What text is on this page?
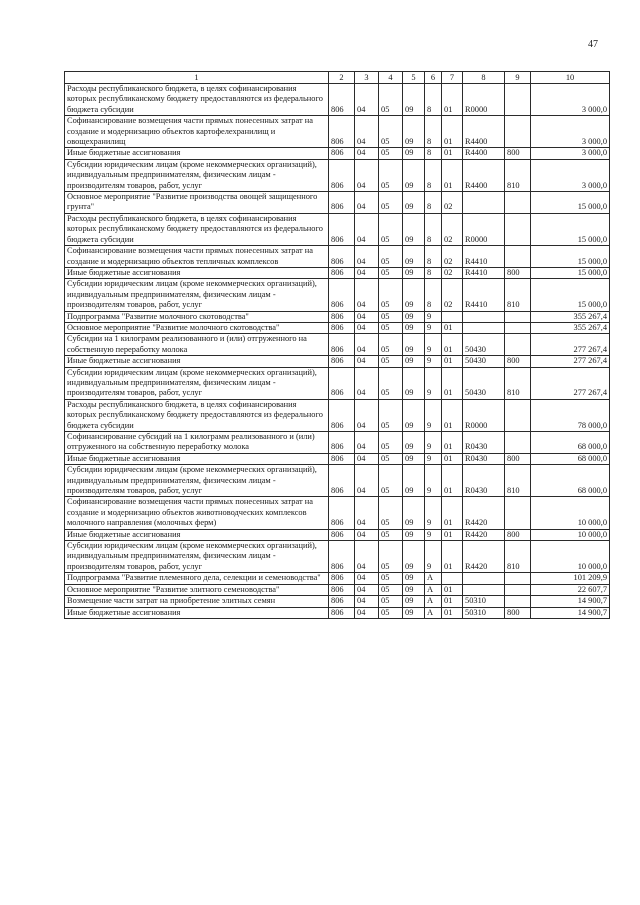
47
1	2	3	4	5	6	7	8	9	10
Расходы республиканского бюджета, в целях софинансирования которых республиканскому бюджету предоставляются из федерального бюджета субсидии	806	04	05	09	8	01	R0000		3 000,0
Софинансирование возмещения части прямых понесенных затрат на создание и модернизацию объектов картофелехранилищ и овощехранилищ	806	04	05	09	8	01	R4400		3 000,0
Иные бюджетные ассигнования	806	04	05	09	8	01	R4400	800	3 000,0
Субсидии юридическим лицам (кроме некоммерческих организаций), индивидуальным предпринимателям, физическим лицам - производителям товаров, работ, услуг	806	04	05	09	8	01	R4400	810	3 000,0
Основное мероприятие "Развитие производства овощей защищенного грунта"	806	04	05	09	8	02			15 000,0
Расходы республиканского бюджета, в целях софинансирования которых республиканскому бюджету предоставляются из федерального бюджета субсидии	806	04	05	09	8	02	R0000		15 000,0
Софинансирование возмещения части прямых понесенных затрат на создание и модернизацию объектов тепличных комплексов	806	04	05	09	8	02	R4410		15 000,0
Иные бюджетные ассигнования	806	04	05	09	8	02	R4410	800	15 000,0
Субсидии юридическим лицам (кроме некоммерческих организаций), индивидуальным предпринимателям, физическим лицам - производителям товаров, работ, услуг	806	04	05	09	8	02	R4410	810	15 000,0
Подпрограмма "Развитие молочного скотоводства"	806	04	05	09	9				355 267,4
Основное мероприятие "Развитие молочного скотоводства"	806	04	05	09	9	01			355 267,4
Субсидии на 1 килограмм реализованного и (или) отгруженного на собственную переработку молока	806	04	05	09	9	01	50430		277 267,4
Иные бюджетные ассигнования	806	04	05	09	9	01	50430	800	277 267,4
Субсидии юридическим лицам (кроме некоммерческих организаций), индивидуальным предпринимателям, физическим лицам - производителям товаров, работ, услуг	806	04	05	09	9	01	50430	810	277 267,4
Расходы республиканского бюджета, в целях софинансирования которых республиканскому бюджету предоставляются из федерального бюджета субсидии	806	04	05	09	9	01	R0000		78 000,0
Софинансирование субсидий на 1 килограмм реализованного и (или) отгруженного на собственную переработку молока	806	04	05	09	9	01	R0430		68 000,0
Иные бюджетные ассигнования	806	04	05	09	9	01	R0430	800	68 000,0
Субсидии юридическим лицам (кроме некоммерческих организаций), индивидуальным предпринимателям, физическим лицам - производителям товаров, работ, услуг	806	04	05	09	9	01	R0430	810	68 000,0
Софинансирование возмещения части прямых понесенных затрат на создание и модернизацию объектов животноводческих комплексов молочного направления (молочных ферм)	806	04	05	09	9	01	R4420		10 000,0
Иные бюджетные ассигнования	806	04	05	09	9	01	R4420	800	10 000,0
Субсидии юридическим лицам (кроме некоммерческих организаций), индивидуальным предпринимателям, физическим лицам - производителям товаров, работ, услуг	806	04	05	09	9	01	R4420	810	10 000,0
Подпрограмма "Развитие племенного дела, селекции и семеноводства"	806	04	05	09	А				101 209,9
Основное мероприятие "Развитие элитного семеноводства"	806	04	05	09	А	01			22 607,7
Возмещение части затрат на приобретение элитных семян	806	04	05	09	А	01	50310		14 900,7
Иные бюджетные ассигнования	806	04	05	09	А	01	50310	800	14 900,7
